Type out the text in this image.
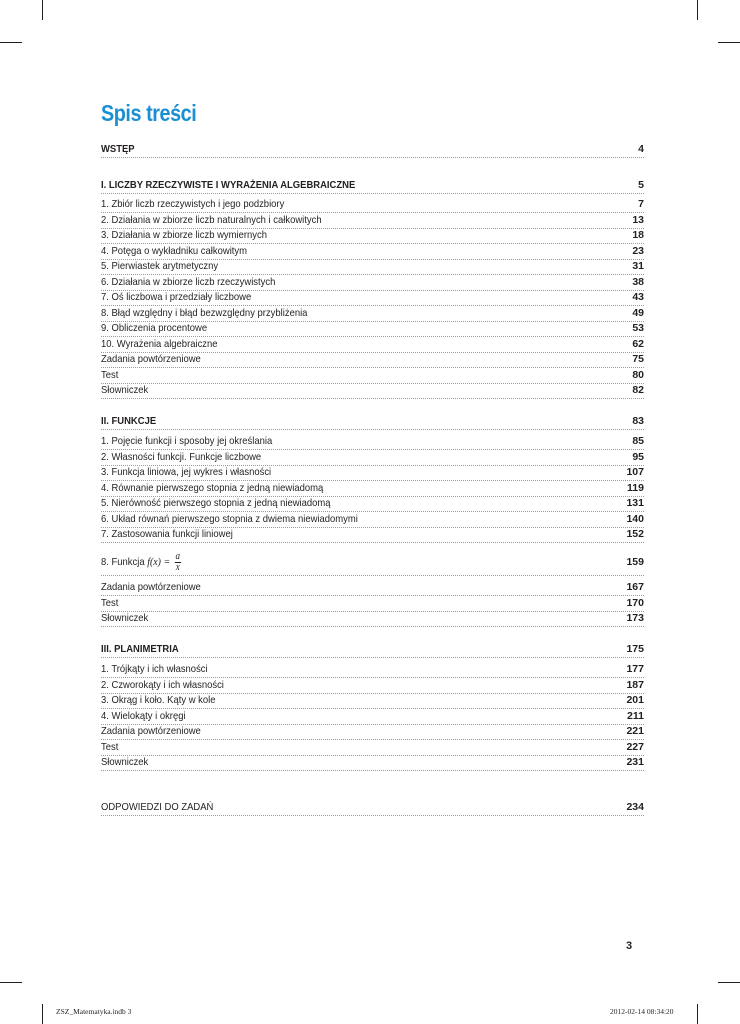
Spis treści
WSTĘP	4
I. LICZBY RZECZYWISTE I WYRAŻENIA ALGEBRAICZNE	5
1. Zbiór liczb rzeczywistych i jego podzbiory	7
2. Działania w zbiorze liczb naturalnych i całkowitych	13
3. Działania w zbiorze liczb wymiernych	18
4. Potęga o wykładniku całkowitym	23
5. Pierwiastek arytmetyczny	31
6. Działania w zbiorze liczb rzeczywistych	38
7. Oś liczbowa i przedziały liczbowe	43
8. Błąd względny i błąd bezwzględny przybliżenia	49
9. Obliczenia procentowe	53
10. Wyrażenia algebraiczne	62
Zadania powtórzeniowe	75
Test	80
Słowniczek	82
II. FUNKCJE	83
1. Pojęcie funkcji i sposoby jej określania	85
2. Własności funkcji. Funkcje liczbowe	95
3. Funkcja liniowa, jej wykres i własności	107
4. Równanie pierwszego stopnia z jedną niewiadomą	119
5. Nierówność pierwszego stopnia z jedną niewiadomą	131
6. Układ równań pierwszego stopnia z dwiema niewiadomymi	140
7. Zastosowania funkcji liniowej	152
8. Funkcja $f(x) = \frac{a}{x}$	159
Zadania powtórzeniowe	167
Test	170
Słowniczek	173
III. PLANIMETRIA	175
1. Trójkąty i ich własności	177
2. Czworokąty i ich własności	187
3. Okrąg i koło. Kąty w kole	201
4. Wielokąty i okręgi	211
Zadania powtórzeniowe	221
Test	227
Słowniczek	231
ODPOWIEDZI DO ZADAŃ	234
3
ZSZ_Matematyka.indb 3	2012-02-14 08:34:20
